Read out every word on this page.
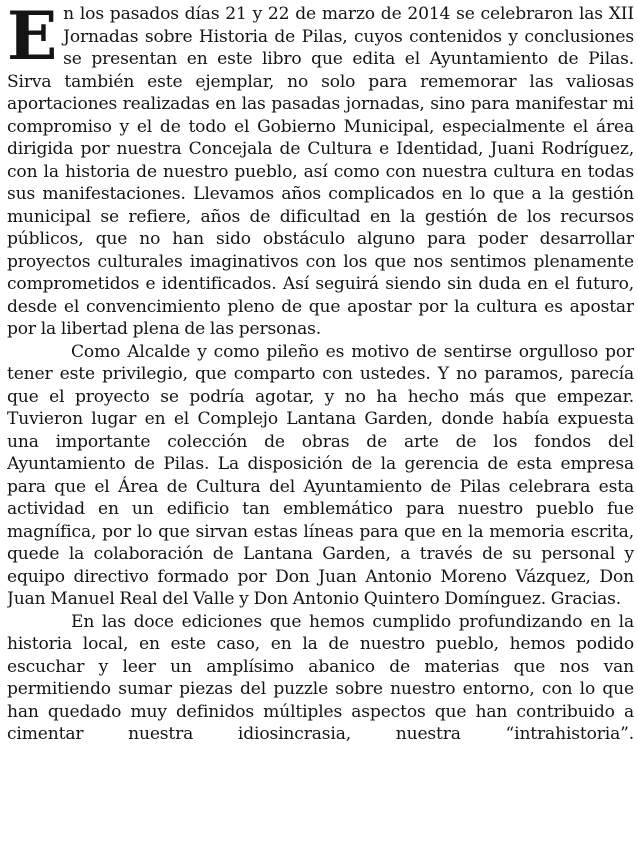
En los pasados días 21 y 22 de marzo de 2014 se celebraron las XII Jornadas sobre Historia de Pilas, cuyos contenidos y conclusiones se presentan en este libro que edita el Ayuntamiento de Pilas. Sirva también este ejemplar, no solo para rememorar las valiosas aportaciones realizadas en las pasadas jornadas, sino para manifestar mi compromiso y el de todo el Gobierno Municipal, especialmente el área dirigida por nuestra Concejala de Cultura e Identidad, Juani Rodríguez, con la historia de nuestro pueblo, así como con nuestra cultura en todas sus manifestaciones. Llevamos años complicados en lo que a la gestión municipal se refiere, años de dificultad en la gestión de los recursos públicos, que no han sido obstáculo alguno para poder desarrollar proyectos culturales imaginativos con los que nos sentimos plenamente comprometidos e identificados. Así seguirá siendo sin duda en el futuro, desde el convencimiento pleno de que apostar por la cultura es apostar por la libertad plena de las personas.

Como Alcalde y como pileño es motivo de sentirse orgulloso por tener este privilegio, que comparto con ustedes. Y no paramos, parecía que el proyecto se podría agotar, y no ha hecho más que empezar. Tuvieron lugar en el Complejo Lantana Garden, donde había expuesta una importante colección de obras de arte de los fondos del Ayuntamiento de Pilas. La disposición de la gerencia de esta empresa para que el Área de Cultura del Ayuntamiento de Pilas celebrara esta actividad en un edificio tan emblemático para nuestro pueblo fue magnífica, por lo que sirvan estas líneas para que en la memoria escrita, quede la colaboración de Lantana Garden, a través de su personal y equipo directivo formado por Don Juan Antonio Moreno Vázquez, Don Juan Manuel Real del Valle y Don Antonio Quintero Domínguez. Gracias.

En las doce ediciones que hemos cumplido profundizando en la historia local, en este caso, en la de nuestro pueblo, hemos podido escuchar y leer un amplísimo abanico de materias que nos van permitiendo sumar piezas del puzzle sobre nuestro entorno, con lo que han quedado muy definidos múltiples aspectos que han contribuido a cimentar nuestra idiosincrasia, nuestra “intrahistoria”.
